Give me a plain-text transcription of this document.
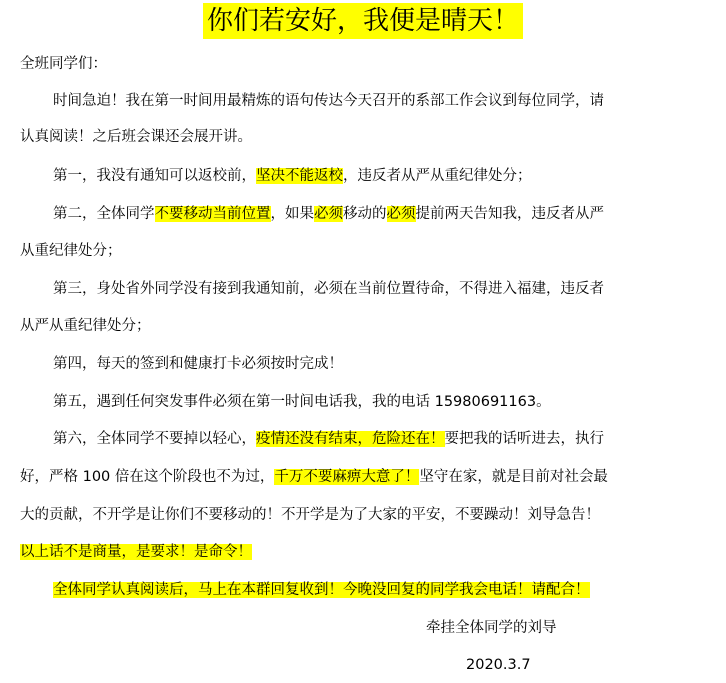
你们若安好，我便是晴天！
全班同学们：
时间急迫！我在第一时间用最精炼的语句传达今天召开的系部工作会议到每位同学，请
认真阅读！之后班会课还会展开讲。
第一，我没有通知可以返校前，坚决不能返校，违反者从严从重纪律处分；
第二，全体同学不要移动当前位置，如果必须移动的必须提前两天告知我，违反者从严
从重纪律处分；
第三，身处省外同学没有接到我通知前，必须在当前位置待命，不得进入福建，违反者
从严从重纪律处分；
第四，每天的签到和健康打卡必须按时完成！
第五，遇到任何突发事件必须在第一时间电话我，我的电话 15980691163。
第六，全体同学不要掉以轻心，疫情还没有结束，危险还在！要把我的话听进去，执行
好，严格 100 倍在这个阶段也不为过，千万不要麻痹大意了！坚守在家，就是目前对社会最
大的贡献，不开学是让你们不要移动的！不开学是为了大家的平安，不要躁动！刘导急告！
以上话不是商量，是要求！是命令！
全体同学认真阅读后，马上在本群回复收到！今晚没回复的同学我会电话！请配合！
牵挂全体同学的刘导
2020.3.7
